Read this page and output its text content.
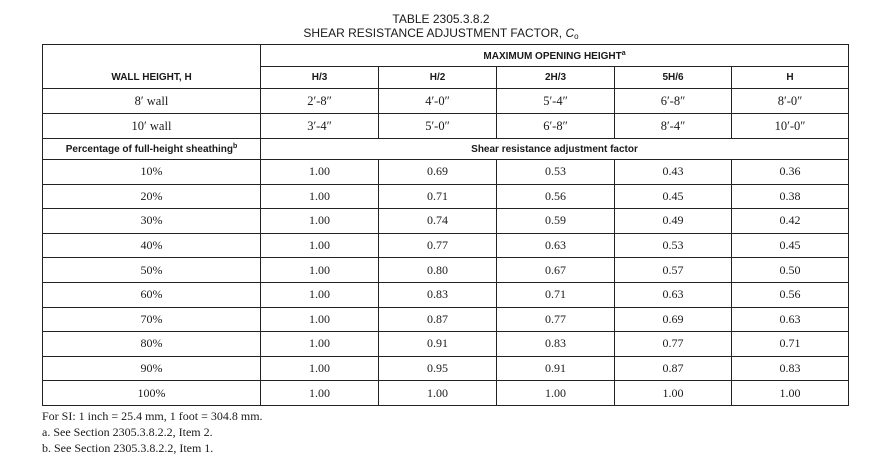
TABLE 2305.3.8.2
SHEAR RESISTANCE ADJUSTMENT FACTOR, $C_o$
WALL HEIGHT, H	MAXIMUM OPENING HEIGHT$^a$
	H/3	H/2	2H/3	5H/6	H
8′ wall	2′-8″	4′-0″	5′-4″	6′-8″	8′-0″
10′ wall	3′-4″	5′-0″	6′-8″	8′-4″	10′-0″
Percentage of full-height sheathing$^b$	Shear resistance adjustment factor				
10%	1.00	0.69	0.53	0.43	0.36
20%	1.00	0.71	0.56	0.45	0.38
30%	1.00	0.74	0.59	0.49	0.42
40%	1.00	0.77	0.63	0.53	0.45
50%	1.00	0.80	0.67	0.57	0.50
60%	1.00	0.83	0.71	0.63	0.56
70%	1.00	0.87	0.77	0.69	0.63
80%	1.00	0.91	0.83	0.77	0.71
90%	1.00	0.95	0.91	0.87	0.83
100%	1.00	1.00	1.00	1.00	1.00
For SI: 1 inch = 25.4 mm, 1 foot = 304.8 mm.
a. See Section 2305.3.8.2.2, Item 2.
b. See Section 2305.3.8.2.2, Item 1.
